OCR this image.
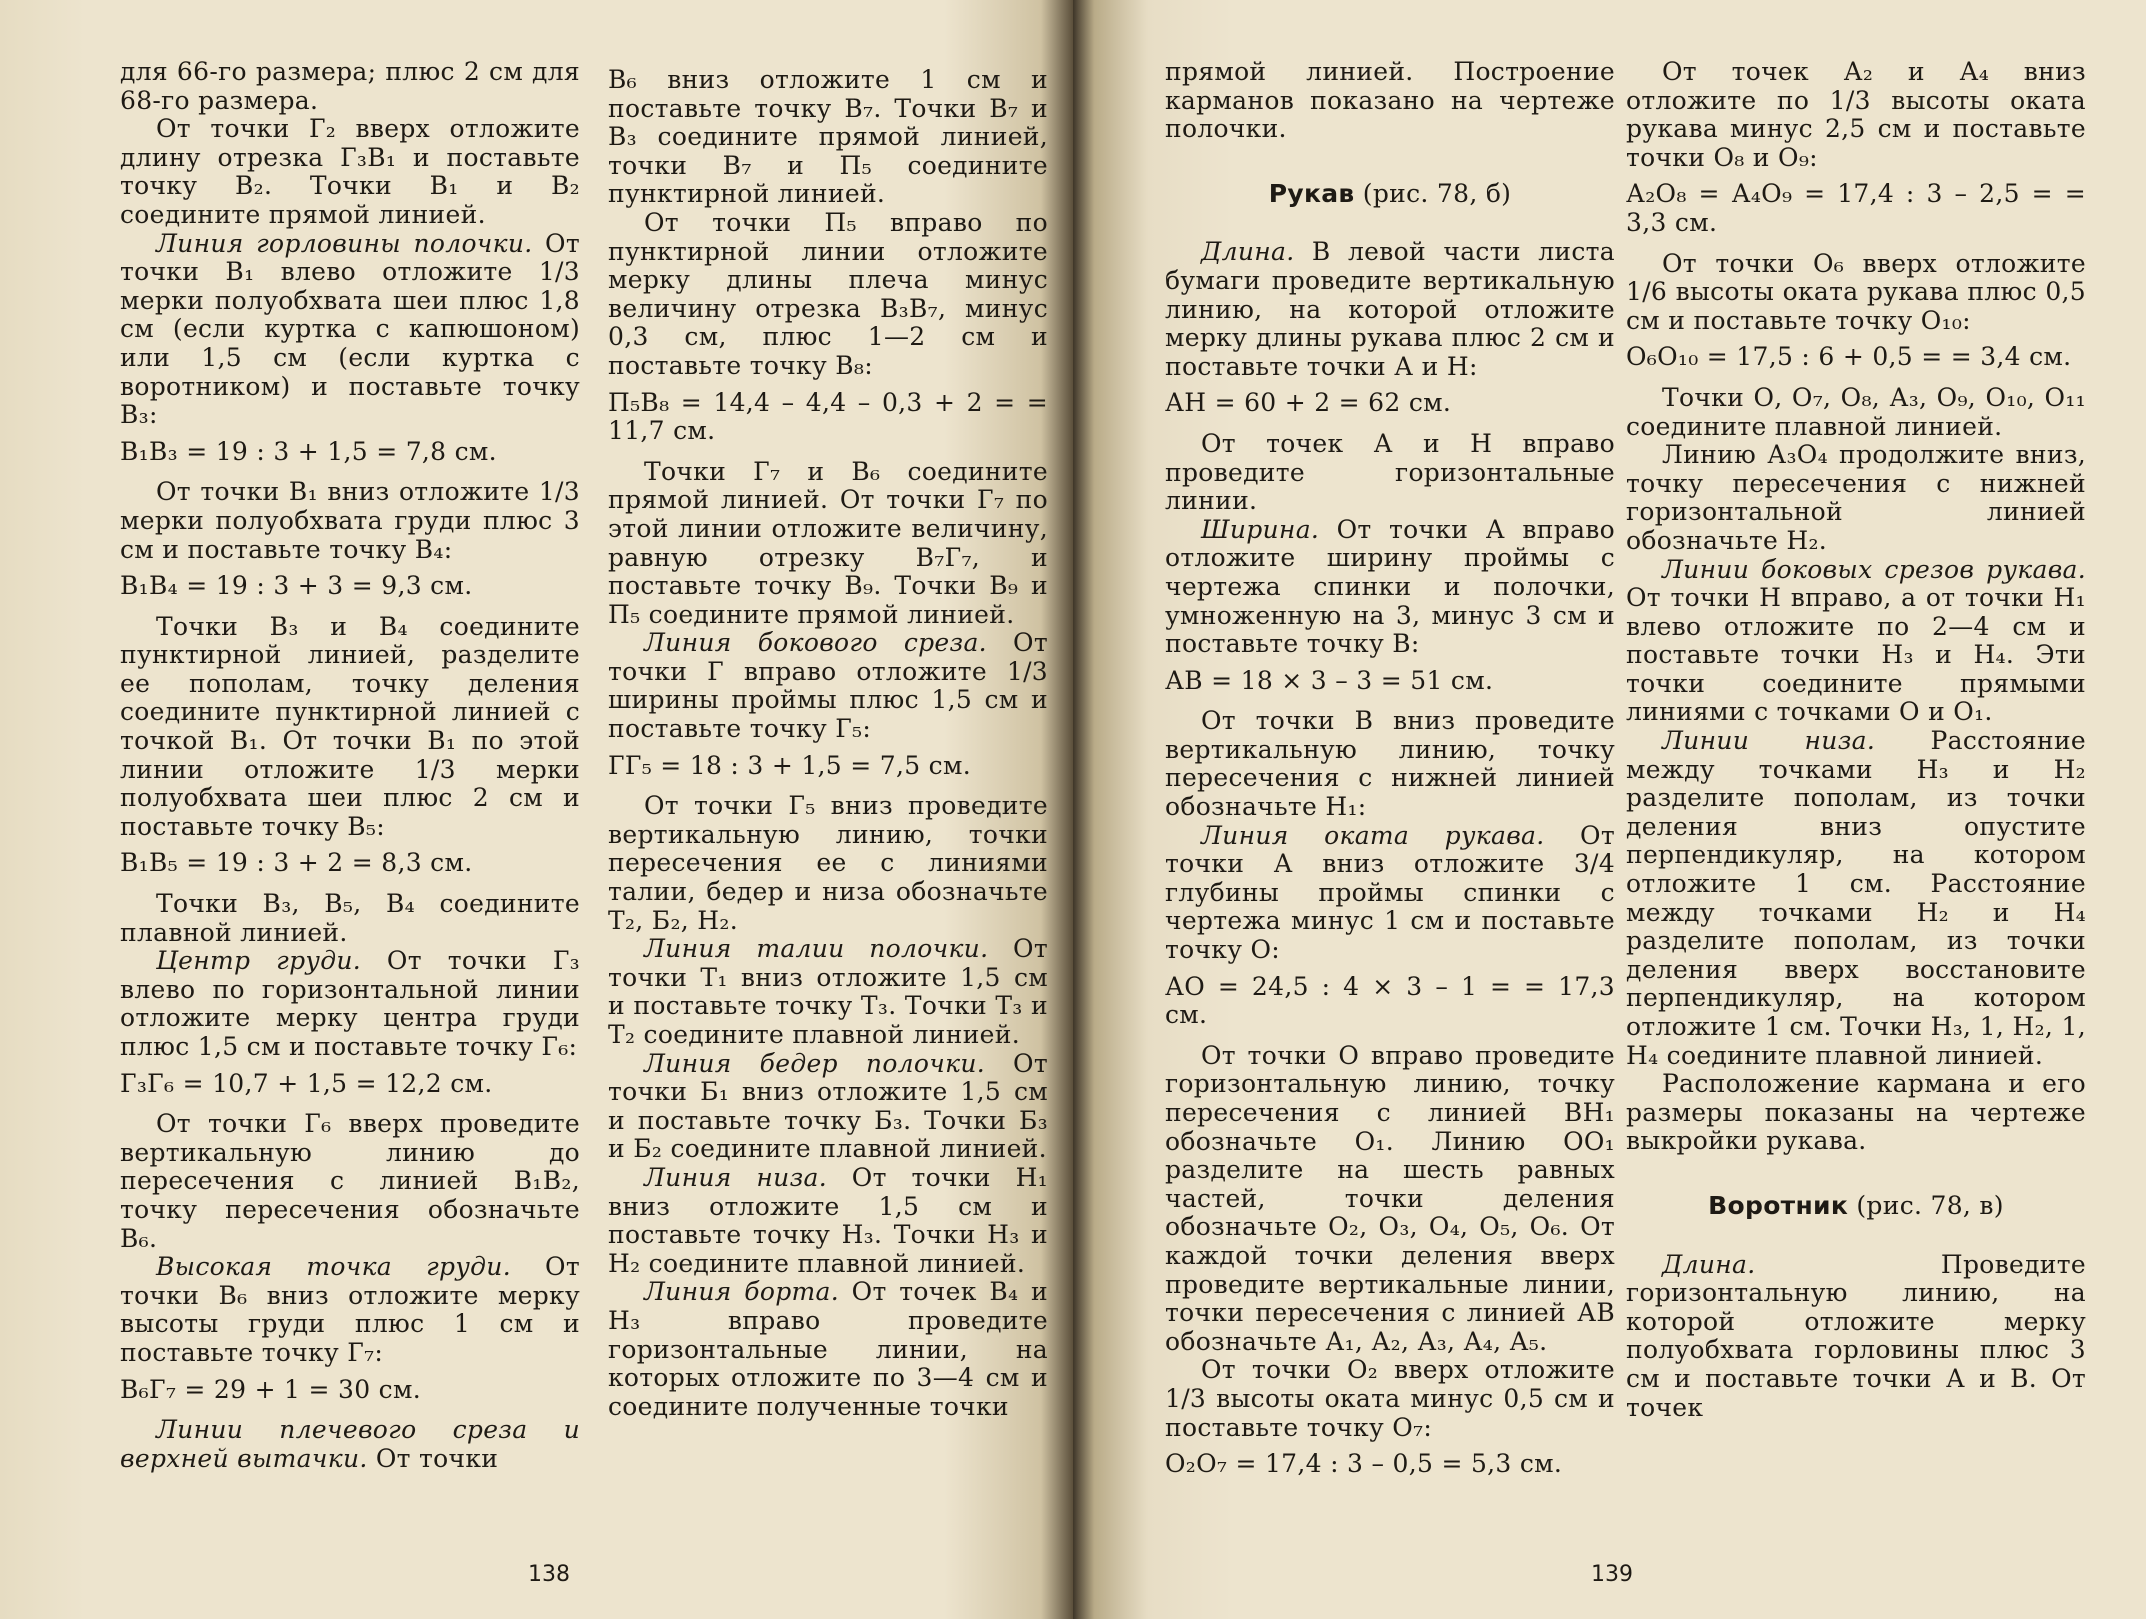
для 66-го размера; плюс 2 см для 68-го размера.

От точки Г₂ вверх отложите длину отрезка Г₃В₁ и поставьте точку В₂. Точки В₁ и В₂ соедините прямой линией.

Линия горловины полочки. От точки В₁ влево отложите 1/3 мерки полуобхвата шеи плюс 1,8 см (если куртка с капюшоном) или 1,5 см (если куртка с воротником) и поставьте точку В₃:

В₁В₃ = 19 : 3 + 1,5 = 7,8 см.

От точки В₁ вниз отложите 1/3 мерки полуобхвата груди плюс 3 см и поставьте точку В₄:

В₁В₄ = 19 : 3 + 3 = 9,3 см.

Точки В₃ и В₄ соедините пунктирной линией, разделите ее пополам, точку деления соедините пунктирной линией с точкой В₁. От точки В₁ по этой линии отложите 1/3 мерки полуобхвата шеи плюс 2 см и поставьте точку В₅:

В₁В₅ = 19 : 3 + 2 = 8,3 см.

Точки В₃, В₅, В₄ соедините плавной линией.

Центр груди. От точки Г₃ влево по горизонтальной линии отложите мерку центра груди плюс 1,5 см и поставьте точку Г₆:

Г₃Г₆ = 10,7 + 1,5 = 12,2 см.

От точки Г₆ вверх проведите вертикальную линию до пересечения с линией В₁В₂, точку пересечения обозначьте В₆.

Высокая точка груди. От точки В₆ вниз отложите мерку высоты груди плюс 1 см и поставьте точку Г₇:

В₆Г₇ = 29 + 1 = 30 см.

Линии плечевого среза и верхней вытачки. От точки

В₆ вниз отложите 1 см и поставьте точку В₇. Точки В₇ и В₃ соедините прямой линией, точки В₇ и П₅ соедините пунктирной линией.

От точки П₅ вправо по пунктирной линии отложите мерку длины плеча минус величину отрезка В₃В₇, минус 0,3 см, плюс 1—2 см и поставьте точку В₈:

П₅В₈ = 14,4 – 4,4 – 0,3 + 2 = = 11,7 см.

Точки Г₇ и В₆ соедините прямой линией. От точки Г₇ по этой линии отложите величину, равную отрезку В₇Г₇, и поставьте точку В₉. Точки В₉ и П₅ соедините прямой линией.

Линия бокового среза. От точки Г вправо отложите 1/3 ширины проймы плюс 1,5 см и поставьте точку Г₅:

ГГ₅ = 18 : 3 + 1,5 = 7,5 см.

От точки Г₅ вниз проведите вертикальную линию, точки пересечения ее с линиями талии, бедер и низа обозначьте Т₂, Б₂, Н₂.

Линия талии полочки. От точки Т₁ вниз отложите 1,5 см и поставьте точку Т₃. Точки Т₃ и Т₂ соедините плавной линией.

Линия бедер полочки. От точки Б₁ вниз отложите 1,5 см и поставьте точку Б₃. Точки Б₃ и Б₂ соедините плавной линией.

Линия низа. От точки Н₁ вниз отложите 1,5 см и поставьте точку Н₃. Точки Н₃ и Н₂ соедините плавной линией.

Линия борта. От точек В₄ и Н₃ вправо проведите горизонтальные линии, на которых отложите по 3—4 см и соедините полученные точки

138

прямой линией. Построение карманов показано на чертеже полочки.

Рукав (рис. 78, б)

Длина. В левой части листа бумаги проведите вертикальную линию, на которой отложите мерку длины рукава плюс 2 см и поставьте точки А и Н:

АН = 60 + 2 = 62 см.

От точек А и Н вправо проведите горизонтальные линии.

Ширина. От точки А вправо отложите ширину проймы с чертежа спинки и полочки, умноженную на 3, минус 3 см и поставьте точку В:

АВ = 18 × 3 – 3 = 51 см.

От точки В вниз проведите вертикальную линию, точку пересечения с нижней линией обозначьте Н₁:

Линия оката рукава. От точки А вниз отложите 3/4 глубины проймы спинки с чертежа минус 1 см и поставьте точку О:

АО = 24,5 : 4 × 3 – 1 = = 17,3 см.

От точки О вправо проведите горизонтальную линию, точку пересечения с линией ВН₁ обозначьте О₁. Линию ОО₁ разделите на шесть равных частей, точки деления обозначьте О₂, О₃, О₄, О₅, О₆. От каждой точки деления вверх проведите вертикальные линии, точки пересечения с линией АВ обозначьте А₁, А₂, А₃, А₄, А₅.

От точки О₂ вверх отложите 1/3 высоты оката минус 0,5 см и поставьте точку О₇:

О₂О₇ = 17,4 : 3 – 0,5 = 5,3 см.

От точек А₂ и А₄ вниз отложите по 1/3 высоты оката рукава минус 2,5 см и поставьте точки О₈ и О₉:

А₂О₈ = А₄О₉ = 17,4 : 3 – 2,5 = = 3,3 см.

От точки О₆ вверх отложите 1/6 высоты оката рукава плюс 0,5 см и поставьте точку О₁₀:

О₆О₁₀ = 17,5 : 6 + 0,5 = = 3,4 см.

Точки О, О₇, О₈, А₃, О₉, О₁₀, О₁₁ соедините плавной линией.

Линию А₃О₄ продолжите вниз, точку пересечения с нижней горизонтальной линией обозначьте Н₂.

Линии боковых срезов рукава. От точки Н вправо, а от точки Н₁ влево отложите по 2—4 см и поставьте точки Н₃ и Н₄. Эти точки соедините прямыми линиями с точками О и О₁.

Линии низа. Расстояние между точками Н₃ и Н₂ разделите пополам, из точки деления вниз опустите перпендикуляр, на котором отложите 1 см. Расстояние между точками Н₂ и Н₄ разделите пополам, из точки деления вверх восстановите перпендикуляр, на котором отложите 1 см. Точки Н₃, 1, Н₂, 1, Н₄ соедините плавной линией.

Расположение кармана и его размеры показаны на чертеже выкройки рукава.

Воротник (рис. 78, в)

Длина. Проведите горизонтальную линию, на которой отложите мерку полуобхвата горловины плюс 3 см и поставьте точки А и В. От точек

139
